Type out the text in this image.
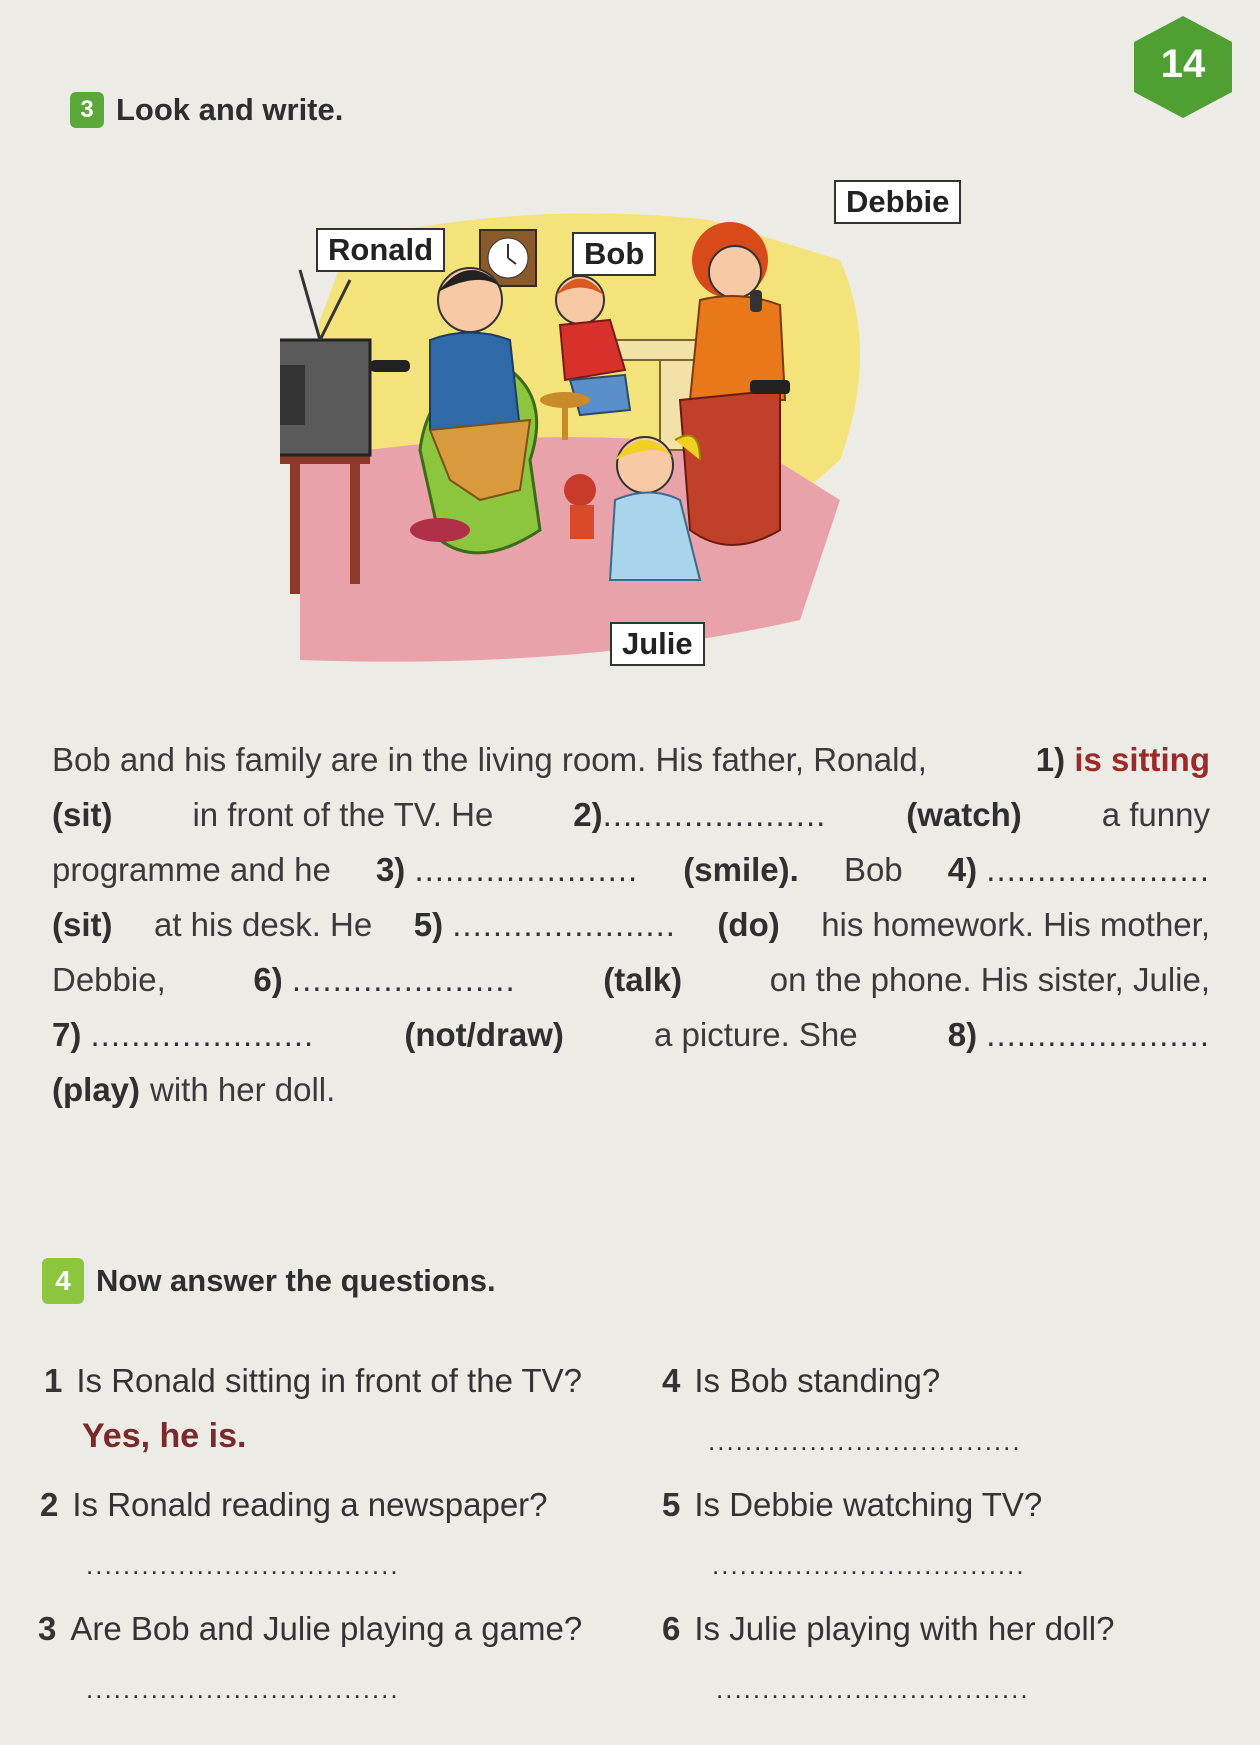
14
3 Look and write.
Ronald	Bob
Debbie
Julie
Bob and his family are in the living room. His father, Ronald,	1) is sitting
(sit) in front of the TV. He 2)...................... (watch) a funny
programme and he 3) ...................... (smile). Bob 4) ......................
(sit) at his desk. He 5) ...................... (do) his homework. His mother,
Debbie,	6) ......................	(talk)	on the phone. His sister, Julie,
7) ......................	(not/draw)	a picture. She	8) ......................
(play) with her doll.
4 Now answer the questions.
1 Is Ronald sitting in front of the TV?
Yes, he is.
2 Is Ronald reading a newspaper?
..................................
3 Are Bob and Julie playing a game?
..................................
4 Is Bob standing?
..................................
5 Is Debbie watching TV?
..................................
6 Is Julie playing with her doll?
..................................
